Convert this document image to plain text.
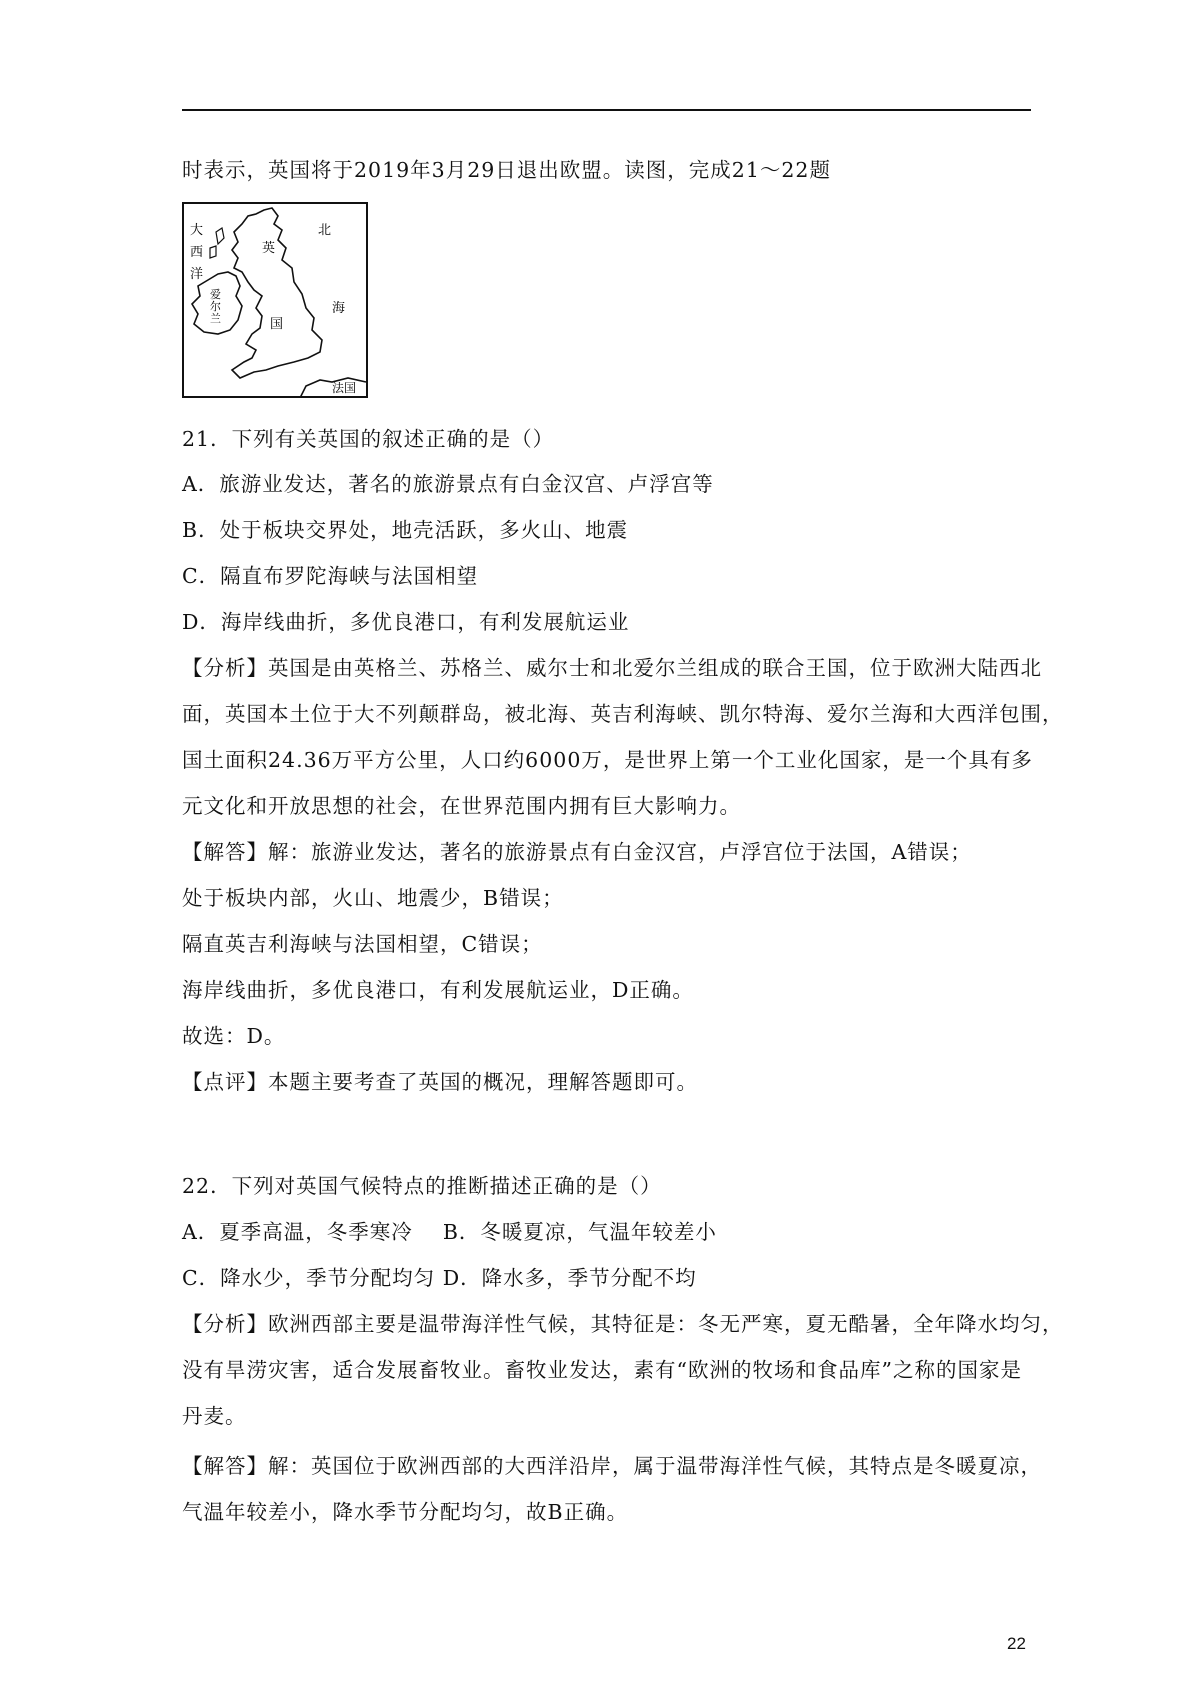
时表示，英国将于2019年3月29日退出欧盟。读图，完成21～22题
大
西
洋
北
海
英
国
爱
尔
兰
法国
21．下列有关英国的叙述正确的是（）
A．旅游业发达，著名的旅游景点有白金汉宫、卢浮宫等
B．处于板块交界处，地壳活跃，多火山、地震
C．隔直布罗陀海峡与法国相望
D．海岸线曲折，多优良港口，有利发展航运业
【分析】英国是由英格兰、苏格兰、威尔士和北爱尔兰组成的联合王国，位于欧洲大陆西北
面，英国本土位于大不列颠群岛，被北海、英吉利海峡、凯尔特海、爱尔兰海和大西洋包围，
国土面积24.36万平方公里，人口约6000万，是世界上第一个工业化国家，是一个具有多
元文化和开放思想的社会，在世界范围内拥有巨大影响力。
【解答】解：旅游业发达，著名的旅游景点有白金汉宫，卢浮宫位于法国，A错误；
处于板块内部，火山、地震少，B错误；
隔直英吉利海峡与法国相望，C错误；
海岸线曲折，多优良港口，有利发展航运业，D正确。
故选：D。
【点评】本题主要考查了英国的概况，理解答题即可。
22．下列对英国气候特点的推断描述正确的是（）
A．夏季高温，冬季寒冷    B．冬暖夏凉，气温年较差小
C．降水少，季节分配均匀 D．降水多，季节分配不均
【分析】欧洲西部主要是温带海洋性气候，其特征是：冬无严寒，夏无酷暑，全年降水均匀，
没有旱涝灾害，适合发展畜牧业。畜牧业发达，素有“欧洲的牧场和食品库”之称的国家是
丹麦。
【解答】解：英国位于欧洲西部的大西洋沿岸，属于温带海洋性气候，其特点是冬暖夏凉，
气温年较差小，降水季节分配均匀，故B正确。
22
